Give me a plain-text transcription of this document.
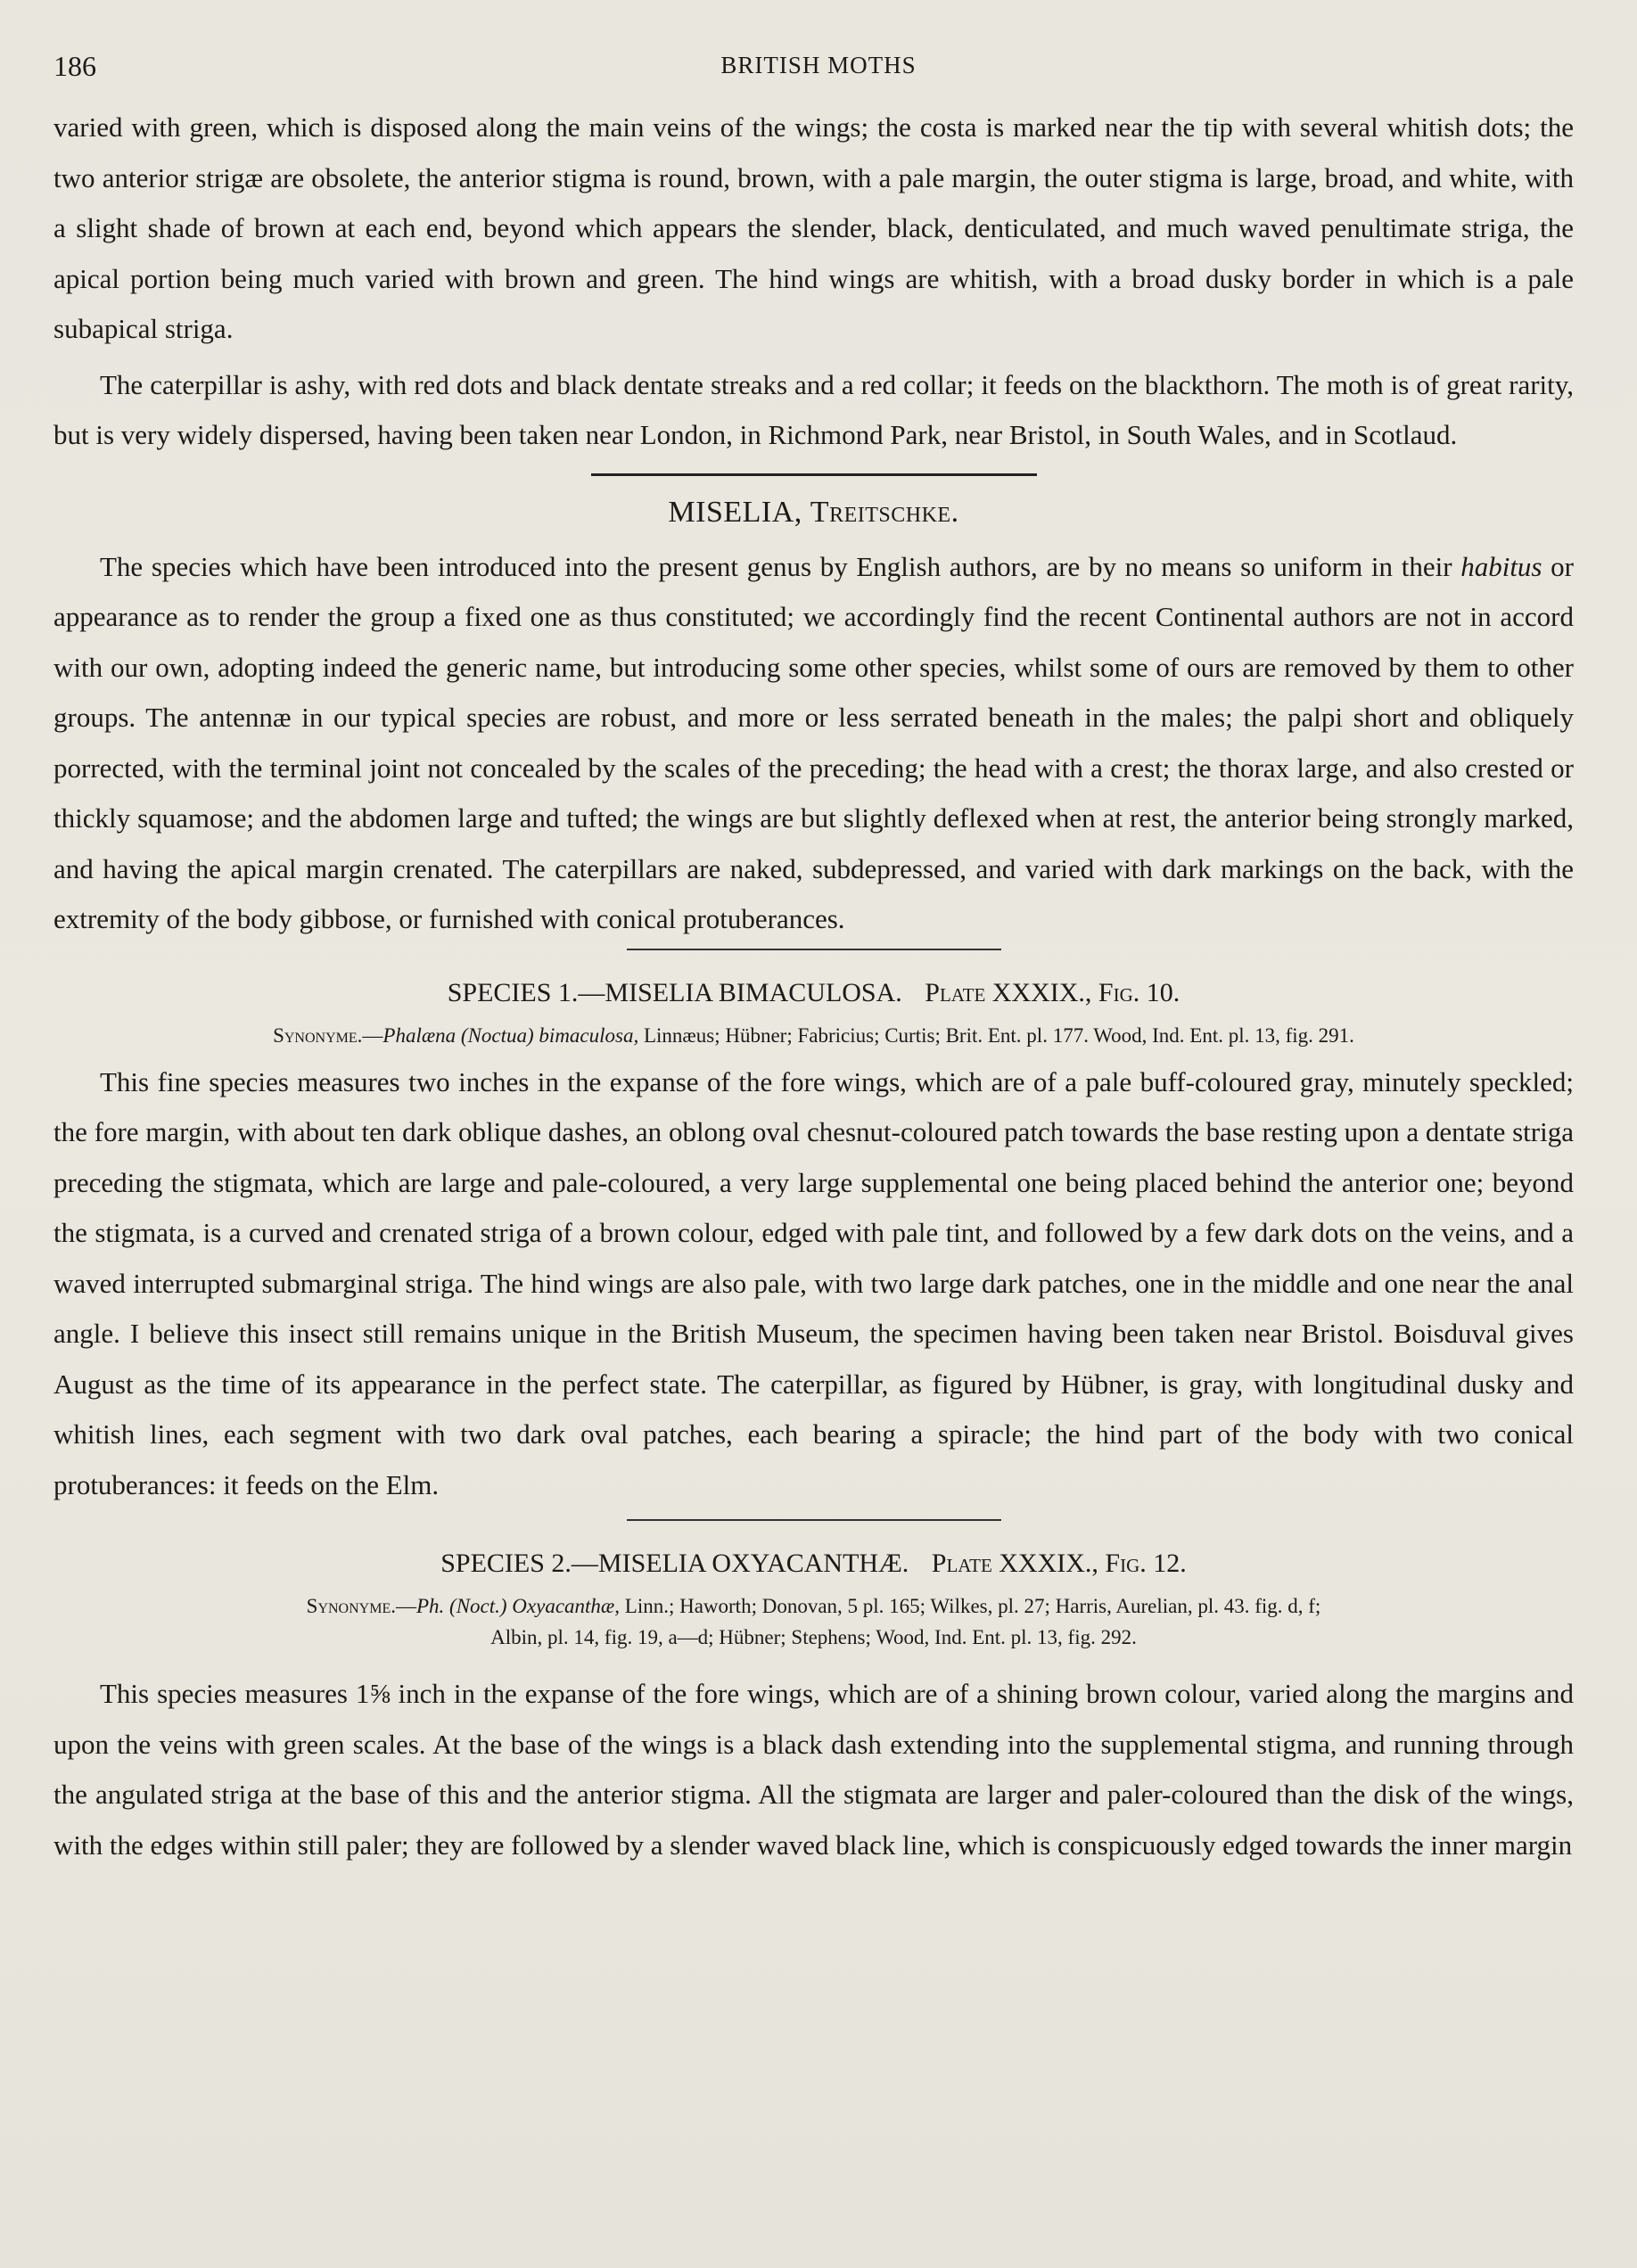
186	BRITISH MOTHS

varied with green, which is disposed along the main veins of the wings; the costa is marked near the tip with several whitish dots; the two anterior strigæ are obsolete, the anterior stigma is round, brown, with a pale margin, the outer stigma is large, broad, and white, with a slight shade of brown at each end, beyond which appears the slender, black, denticulated, and much waved penultimate striga, the apical portion being much varied with brown and green. The hind wings are whitish, with a broad dusky border in which is a pale subapical striga.

The caterpillar is ashy, with red dots and black dentate streaks and a red collar; it feeds on the blackthorn. The moth is of great rarity, but is very widely dispersed, having been taken near London, in Richmond Park, near Bristol, in South Wales, and in Scotlaud.

MISELIA, Treitschke.

The species which have been introduced into the present genus by English authors, are by no means so uniform in their habitus or appearance as to render the group a fixed one as thus constituted; we accordingly find the recent Continental authors are not in accord with our own, adopting indeed the generic name, but introducing some other species, whilst some of ours are removed by them to other groups. The antennæ in our typical species are robust, and more or less serrated beneath in the males; the palpi short and obliquely porrected, with the terminal joint not concealed by the scales of the preceding; the head with a crest; the thorax large, and also crested or thickly squamose; and the abdomen large and tufted; the wings are but slightly deflexed when at rest, the anterior being strongly marked, and having the apical margin crenated. The caterpillars are naked, subdepressed, and varied with dark markings on the back, with the extremity of the body gibbose, or furnished with conical protuberances.

SPECIES 1.—MISELIA BIMACULOSA. Plate XXXIX., Fig. 10.
Synonyme.—Phalæna (Noctua) bimaculosa, Linnæus; Hübner; Fabricius; Curtis; Brit. Ent. pl. 177. Wood, Ind. Ent. pl. 13, fig. 291.

This fine species measures two inches in the expanse of the fore wings, which are of a pale buff-coloured gray, minutely speckled; the fore margin, with about ten dark oblique dashes, an oblong oval chesnut-coloured patch towards the base resting upon a dentate striga preceding the stigmata, which are large and pale-coloured, a very large supplemental one being placed behind the anterior one; beyond the stigmata, is a curved and crenated striga of a brown colour, edged with pale tint, and followed by a few dark dots on the veins, and a waved interrupted submarginal striga. The hind wings are also pale, with two large dark patches, one in the middle and one near the anal angle. I believe this insect still remains unique in the British Museum, the specimen having been taken near Bristol. Boisduval gives August as the time of its appearance in the perfect state. The caterpillar, as figured by Hübner, is gray, with longitudinal dusky and whitish lines, each segment with two dark oval patches, each bearing a spiracle; the hind part of the body with two conical protuberances: it feeds on the Elm.

SPECIES 2.—MISELIA OXYACANTHÆ. Plate XXXIX., Fig. 12.
Synonyme.—Ph. (Noct.) Oxyacanthæ, Linn.; Haworth; Donovan, 5 pl. 165; Wilkes, pl. 27; Harris, Aurelian, pl. 43. fig. d, f;
Albin, pl. 14, fig. 19, a—d; Hübner; Stephens; Wood, Ind. Ent. pl. 13, fig. 292.

This species measures 1⅝ inch in the expanse of the fore wings, which are of a shining brown colour, varied along the margins and upon the veins with green scales. At the base of the wings is a black dash extending into the supplemental stigma, and running through the angulated striga at the base of this and the anterior stigma. All the stigmata are larger and paler-coloured than the disk of the wings, with the edges within still paler; they are followed by a slender waved black line, which is conspicuously edged towards the inner margin
